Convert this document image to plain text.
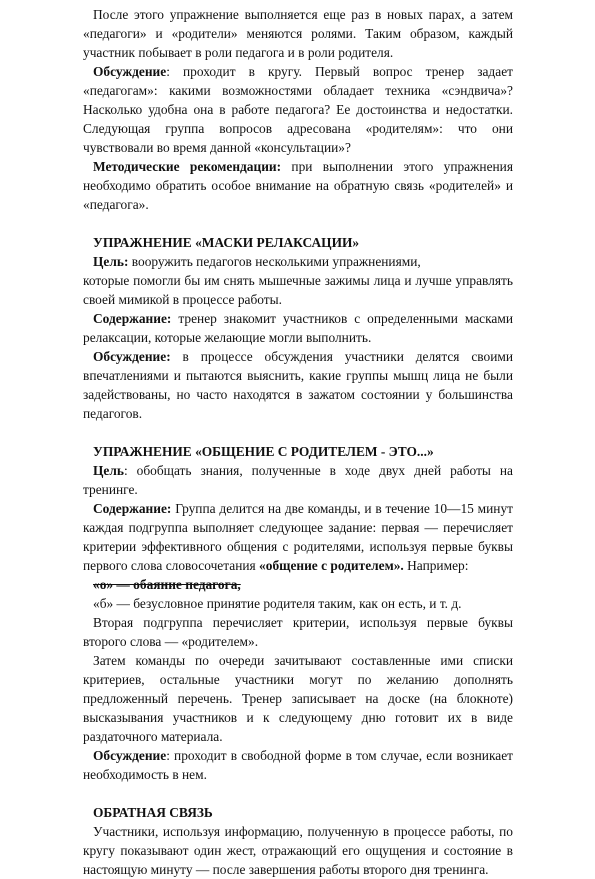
После этого упражнение выполняется еще раз в новых парах, а затем «педагоги» и «родители» меняются ролями. Таким образом, каждый участник побывает в роли педагога и в роли родителя.

Обсуждение: проходит в кругу. Первый вопрос тренер задает «педагогам»: какими возможностями обладает техника «сэндвича»? Насколько удобна она в работе педагога? Ее достоинства и недостатки. Следующая группа вопросов адресована «родителям»: что они чувствовали во время данной «консультации»?

Методические рекомендации: при выполнении этого упражнения необходимо обратить особое внимание на обратную связь «родителей» и «педагога».

УПРАЖНЕНИЕ «МАСКИ РЕЛАКСАЦИИ»

Цель: вооружить педагогов несколькими упражнениями,

которые помогли бы им снять мышечные зажимы лица и лучше управлять своей мимикой в процессе работы.

Содержание: тренер знакомит участников с определенными масками релаксации, которые желающие могли выполнить.

Обсуждение: в процессе обсуждения участники делятся своими впечатлениями и пытаются выяснить, какие группы мышц лица не были задействованы, но часто находятся в зажатом состоянии у большинства педагогов.

УПРАЖНЕНИЕ «ОБЩЕНИЕ С РОДИТЕЛЕМ - ЭТО...»

Цель: обобщать знания, полученные в ходе двух дней работы на тренинге.

Содержание: Группа делится на две команды, и в течение 10—15 минут каждая подгруппа выполняет следующее задание: первая — перечисляет критерии эффективного общения с родителями, используя первые буквы первого слова словосочетания «общение с родителем». Например:

«о» — обаяние педагога,

«б» — безусловное принятие родителя таким, как он есть, и т. д.

Вторая подгруппа перечисляет критерии, используя первые буквы второго слова — «родителем».

Затем команды по очереди зачитывают составленные ими списки критериев, остальные участники могут по желанию дополнять предложенный перечень. Тренер записывает на доске (на блокноте) высказывания участников и к следующему дню готовит их в виде раздаточного материала.

Обсуждение: проходит в свободной форме в том случае, если возникает необходимость в нем.

ОБРАТНАЯ СВЯЗЬ

Участники, используя информацию, полученную в процессе работы, по кругу показывают один жест, отражающий его ощущения и состояние в настоящую минуту — после завершения работы второго дня тренинга.
